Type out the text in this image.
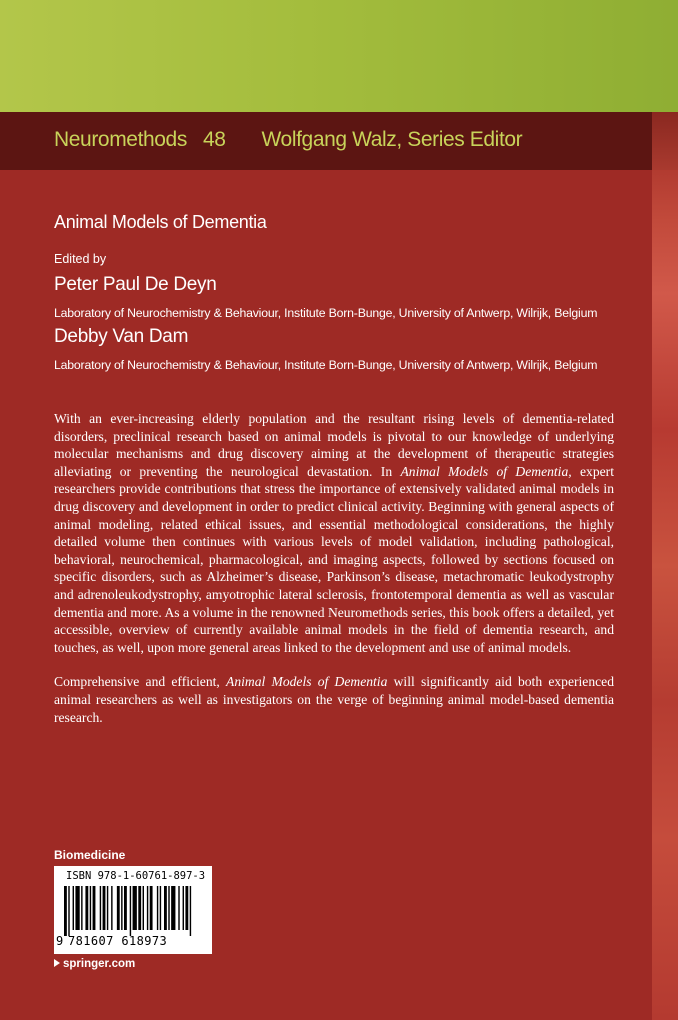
Neuromethods 48 Wolfgang Walz, Series Editor
Animal Models of Dementia
Edited by
Peter Paul De Deyn
Laboratory of Neurochemistry & Behaviour, Institute Born-Bunge, University of Antwerp, Wilrijk, Belgium
Debby Van Dam
Laboratory of Neurochemistry & Behaviour, Institute Born-Bunge, University of Antwerp, Wilrijk, Belgium

With an ever-increasing elderly population and the resultant rising levels of dementia-related disorders, preclinical research based on animal models is pivotal to our knowledge of underlying molecular mechanisms and drug discovery aiming at the development of therapeutic strategies alleviating or preventing the neurological devastation. In Animal Models of Dementia, expert researchers provide contributions that stress the importance of extensively validated animal models in drug discovery and development in order to predict clinical activity. Beginning with general aspects of animal modeling, related ethical issues, and essential methodological considerations, the highly detailed volume then continues with various levels of model validation, including pathological, behavioral, neurochemical, pharmacological, and imaging aspects, followed by sections focused on specific disorders, such as Alzheimer’s disease, Parkinson’s disease, metachromatic leukodystrophy and adrenoleukodystrophy, amyotrophic lateral sclerosis, frontotemporal dementia as well as vascular dementia and more. As a volume in the renowned Neuromethods series, this book offers a detailed, yet accessible, overview of currently available animal models in the field of dementia research, and touches, as well, upon more general areas linked to the development and use of animal models.

Comprehensive and efficient, Animal Models of Dementia will significantly aid both experienced animal researchers as well as investigators on the verge of beginning animal model-based dementia research.

Biomedicine
ISBN 978-1-60761-897-3
9 781607 618973
springer.com
